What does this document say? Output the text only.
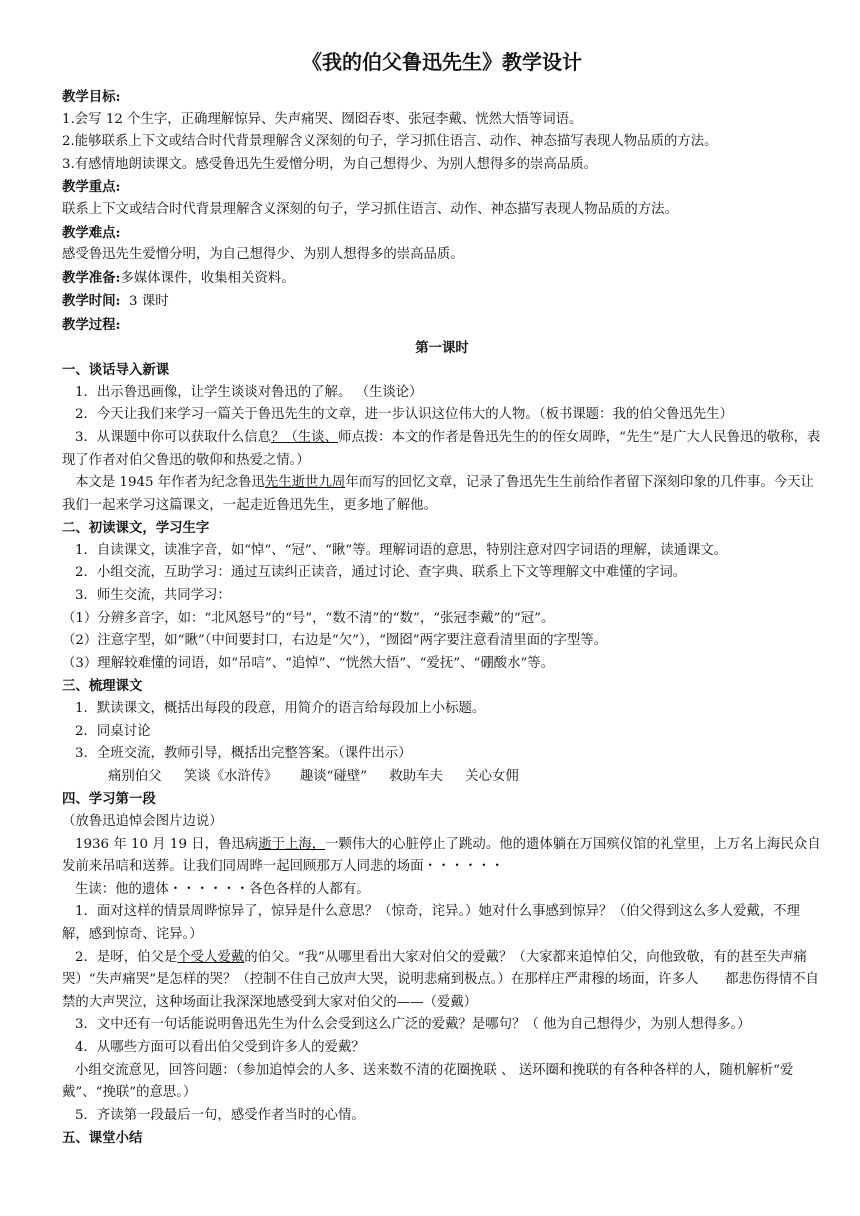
《我的伯父鲁迅先生》教学设计

教学目标:

1.会写 12 个生字，正确理解惊异、失声痛哭、囫囵吞枣、张冠李戴、恍然大悟等词语。

2.能够联系上下文或结合时代背景理解含义深刻的句子，学习抓住语言、动作、神态描写表现人物品质的方法。

3.有感情地朗读课文。感受鲁迅先生爱憎分明，为自己想得少、为别人想得多的崇高品质。

教学重点:

联系上下文或结合时代背景理解含义深刻的句子，学习抓住语言、动作、神态描写表现人物品质的方法。

教学难点:

感受鲁迅先生爱憎分明，为自己想得少、为别人想得多的崇高品质。

教学准备:多媒体课件，收集相关资料。

教学时间: 3 课时

教学过程:

第一课时

一、谈话导入新课

1．出示鲁迅画像，让学生谈谈对鲁迅的了解。 （生谈论）

2．今天让我们来学习一篇关于鲁迅先生的文章，进一步认识这位伟大的人物。（板书课题：我的伯父鲁迅先生）

3．从课题中你可以获取什么信息？（生谈、师点拨：本文的作者是鲁迅先生的的侄女周晔，“先生”是广大人民鲁迅的敬称，表现了作者对伯父鲁迅的敬仰和热爱之情。）

本文是 1945 年作者为纪念鲁迅先生逝世九周年而写的回忆文章，记录了鲁迅先生生前给作者留下深刻印象的几件事。今天让我们一起来学习这篇课文，一起走近鲁迅先生，更多地了解他。

二、初读课文，学习生字

1．自读课文，读准字音，如“悼”、“冠”、“瞅”等。理解词语的意思，特别注意对四字词语的理解，读通课文。

2．小组交流，互助学习：通过互读纠正读音，通过讨论、查字典、联系上下文等理解文中难懂的字词。

3．师生交流，共同学习：

（1）分辨多音字，如：“北风怒号”的“号”，“数不清”的“数”，“张冠李戴”的“冠”。

（2）注意字型，如“瞅”（中间要封口，右边是“欠”），“囫囵”两字要注意看清里面的字型等。

（3）理解较难懂的词语，如“吊唁”、“追悼”、“恍然大悟”、“爱抚”、“硼酸水”等。

三、梳理课文

1．默读课文，概括出每段的段意，用简介的语言给每段加上小标题。

2．同桌讨论

3．全班交流，教师引导，概括出完整答案。（课件出示）

痛别伯父 笑谈《水浒传》 趣谈“碰壁” 救助车夫 关心女佣

四、学习第一段

（放鲁迅追悼会图片边说）

1936 年 10 月 19 日，鲁迅病逝于上海，一颗伟大的心脏停止了跳动。他的遗体躺在万国殡仪馆的礼堂里，上万名上海民众自发前来吊唁和送葬。让我们同周晔一起回顾那万人同悲的场面・・・・・・

生读：他的遗体・・・・・・各色各样的人都有。

1．面对这样的情景周晔惊异了，惊异是什么意思？（惊奇，诧异。）她对什么事感到惊异？（伯父得到这么多人爱戴，不理解，感到惊奇、诧异。）

2．是呀，伯父是个受人爱戴的伯父。“我”从哪里看出大家对伯父的爱戴？（大家都来追悼伯父，向他致敬，有的甚至失声痛哭）“失声痛哭”是怎样的哭？（控制不住自己放声大哭，说明悲痛到极点。）在那样庄严肃穆的场面，许多人　　都悲伤得情不自禁的大声哭泣，这种场面让我深深地感受到大家对伯父的——（爱戴）

3．文中还有一句话能说明鲁迅先生为什么会受到这么广泛的爱戴？是哪句？（ 他为自己想得少，为别人想得多。）

4．从哪些方面可以看出伯父受到许多人的爱戴？

小组交流意见，回答问题：（参加追悼会的人多、送来数不清的花圈挽联 、 送环圈和挽联的有各种各样的人，随机解析“爱戴”、“挽联”的意思。）

5．齐读第一段最后一句，感受作者当时的心情。

五、课堂小结
